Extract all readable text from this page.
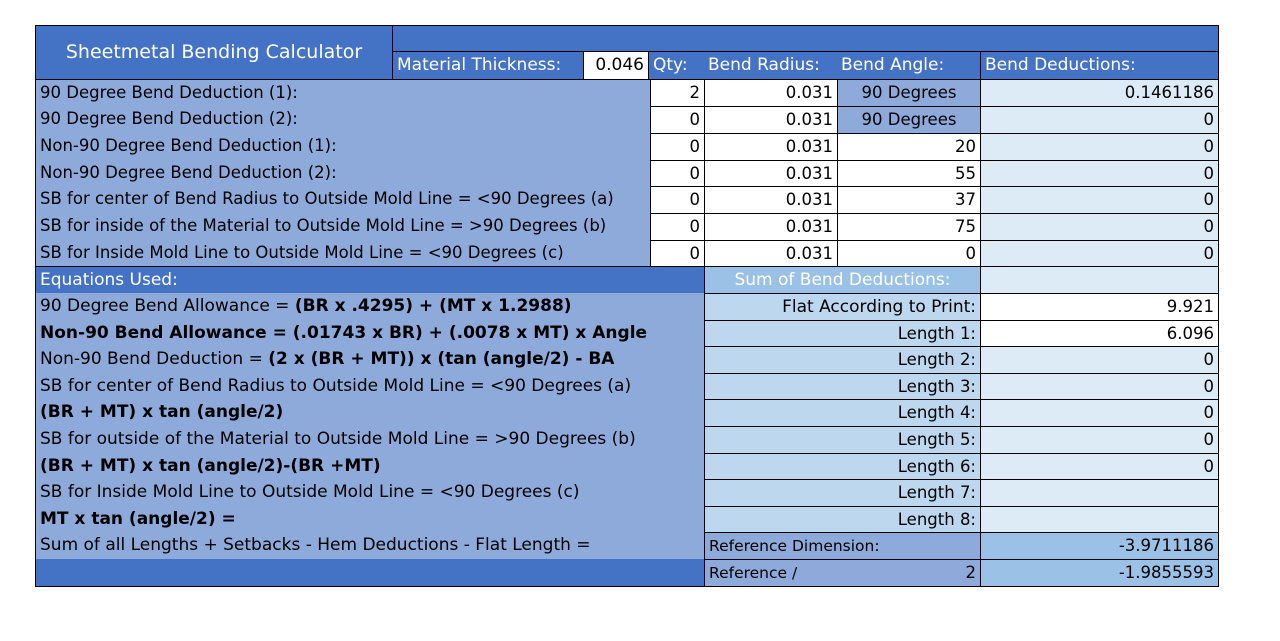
Sheetmetal Bending Calculator
Material Thickness:	0.046 Qty:	Bend Radius:	Bend Angle:	Bend Deductions:
90 Degree Bend Deduction (1):	2	0.031	90 Degrees	0.1461186
90 Degree Bend Deduction (2):	0	0.031	90 Degrees	0
Non-90 Degree Bend Deduction (1):	0	0.031	20	0
Non-90 Degree Bend Deduction (2):	0	0.031	55	0
SB for center of Bend Radius to Outside Mold Line = <90 Degrees (a)	0	0.031	37	0
SB for inside of the Material to Outside Mold Line = >90 Degrees (b)	0	0.031	75	0
SB for Inside Mold Line to Outside Mold Line = <90 Degrees (c)	0	0.031	0	0
Equations Used:
90 Degree Bend Allowance = (BR x .4295) + (MT x 1.2988)
Non-90 Bend Allowance = (.01743 x BR) + (.0078 x MT) x Angle
Non-90 Bend Deduction = (2 x (BR + MT)) x (tan (angle/2) - BA
SB for center of Bend Radius to Outside Mold Line = <90 Degrees (a)
(BR + MT) x tan (angle/2)
SB for outside of the Material to Outside Mold Line = >90 Degrees (b)
(BR + MT) x tan (angle/2)-(BR +MT)
SB for Inside Mold Line to Outside Mold Line = <90 Degrees (c)
MT x tan (angle/2) =
Sum of all Lengths + Setbacks - Hem Deductions - Flat Length =
Sum of Bend Deductions:
Flat According to Print:	9.921
Length 1:	6.096
Length 2:	0
Length 3:	0
Length 4:	0
Length 5:	0
Length 6:	0
Length 7:
Length 8:
Reference Dimension:	-3.9711186
Reference /	2	-1.9855593
